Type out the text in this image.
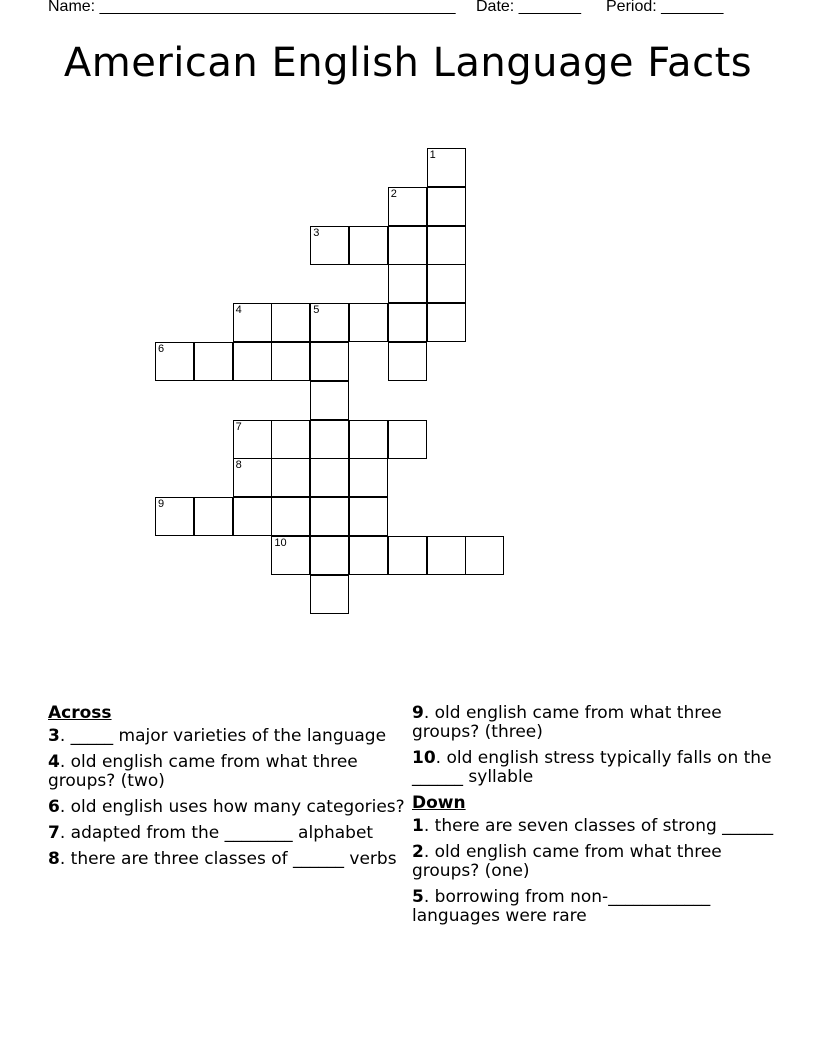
Name: ________________________________________

Date: _______

Period: _______

American English Language Facts
1
2
3
4	5
6
7
8
9
10
Across
3. _____ major varieties of the language
4. old english came from what three groups? (two)
6. old english uses how many categories?
7. adapted from the ________ alphabet
8. there are three classes of ______ verbs
9. old english came from what three groups? (three)
10. old english stress typically falls on the ______ syllable
Down
1. there are seven classes of strong ______
2. old english came from what three groups? (one)
5. borrowing from non-____________ languages were rare
